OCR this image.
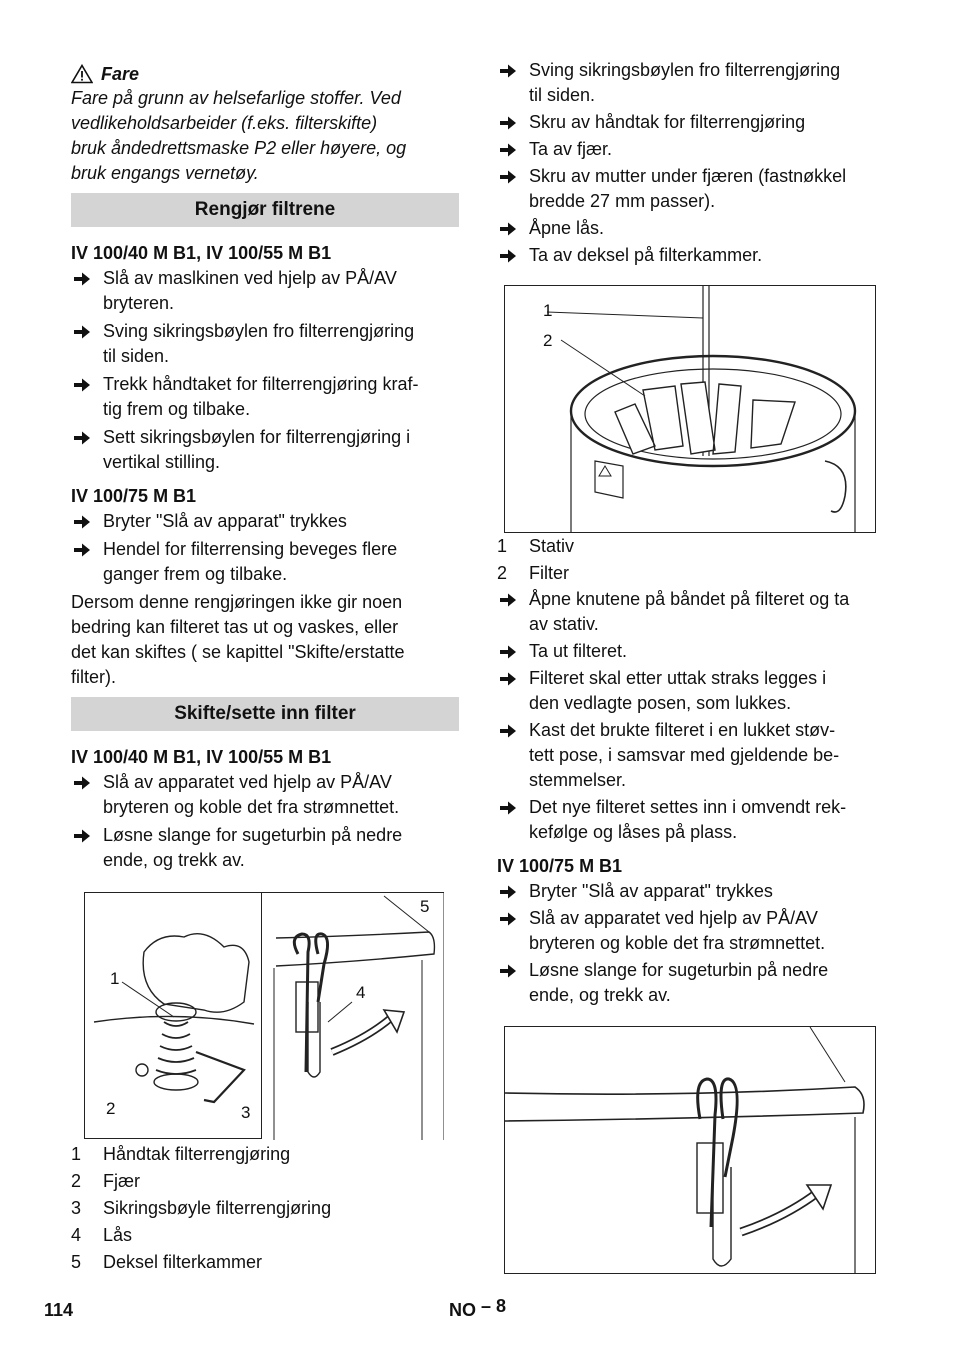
Fare
Fare på grunn av helsefarlige stoffer. Ved
vedlikeholdsarbeider (f.eks. filterskifte)
bruk åndedrettsmaske P2 eller høyere, og
bruk engangs vernetøy.
Rengjør filtrene
IV 100/40 M B1, IV 100/55 M B1
Slå av maslkinen ved hjelp av PÅ/AV
bryteren.
Sving sikringsbøylen fro filterrengjøring
til siden.
Trekk håndtaket for filterrengjøring kraf-
tig frem og tilbake.
Sett sikringsbøylen for filterrengjøring i
vertikal stilling.
IV 100/75 M B1
Bryter "Slå av apparat" trykkes
Hendel for filterrensing beveges flere
ganger frem og tilbake.
Dersom denne rengjøringen ikke gir noen
bedring kan filteret tas ut og vaskes, eller
det kan skiftes ( se kapittel "Skifte/erstatte
filter).
Skifte/sette inn filter
IV 100/40 M B1, IV 100/55 M B1
Slå av apparatet ved hjelp av PÅ/AV
bryteren og koble det fra strømnettet.
Løsne slange for sugeturbin på nedre
ende, og trekk av.
1
2	3
4
5
1 Håndtak filterrengjøring
2 Fjær
3 Sikringsbøyle filterrengjøring
4 Lås
5 Deksel filterkammer
Sving sikringsbøylen fro filterrengjøring
til siden.
Skru av håndtak for filterrengjøring
Ta av fjær.
Skru av mutter under fjæren (fastnøkkel
bredde 27 mm passer).
Åpne lås.
Ta av deksel på filterkammer.
1
2
1 Stativ
2 Filter
Åpne knutene på båndet på filteret og ta
av stativ.
Ta ut filteret.
Filteret skal etter uttak straks legges i
den vedlagte posen, som lukkes.
Kast det brukte filteret i en lukket støv-
tett pose, i samsvar med gjeldende be-
stemmelser.
Det nye filteret settes inn i omvendt rek-
kefølge og låses på plass.
IV 100/75 M B1
Bryter "Slå av apparat" trykkes
Slå av apparatet ved hjelp av PÅ/AV
bryteren og koble det fra strømnettet.
Løsne slange for sugeturbin på nedre
ende, og trekk av.
114	NO – 8
